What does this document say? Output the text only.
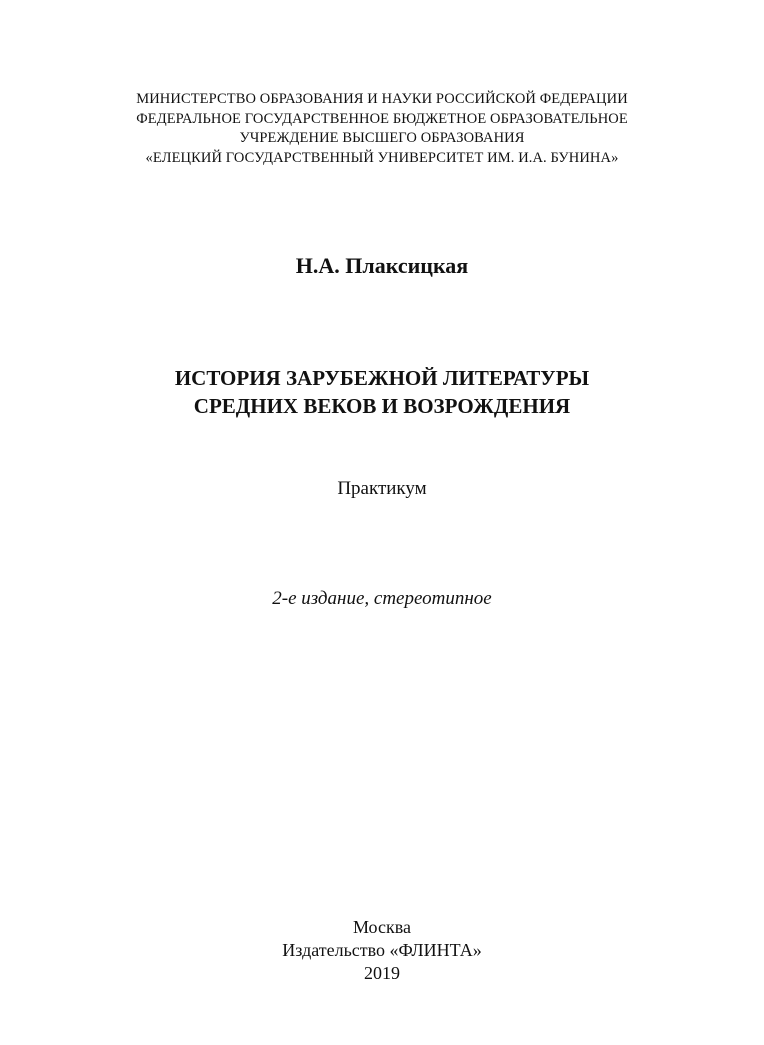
МИНИСТЕРСТВО ОБРАЗОВАНИЯ И НАУКИ РОССИЙСКОЙ ФЕДЕРАЦИИ
ФЕДЕРАЛЬНОЕ ГОСУДАРСТВЕННОЕ БЮДЖЕТНОЕ ОБРАЗОВАТЕЛЬНОЕ
УЧРЕЖДЕНИЕ ВЫСШЕГО ОБРАЗОВАНИЯ
«ЕЛЕЦКИЙ ГОСУДАРСТВЕННЫЙ УНИВЕРСИТЕТ ИМ. И.А. БУНИНА»
Н.А. Плаксицкая
ИСТОРИЯ ЗАРУБЕЖНОЙ ЛИТЕРАТУРЫ
СРЕДНИХ ВЕКОВ И ВОЗРОЖДЕНИЯ
Практикум
2-е издание, стереотипное
Москва
Издательство «ФЛИНТА»
2019
